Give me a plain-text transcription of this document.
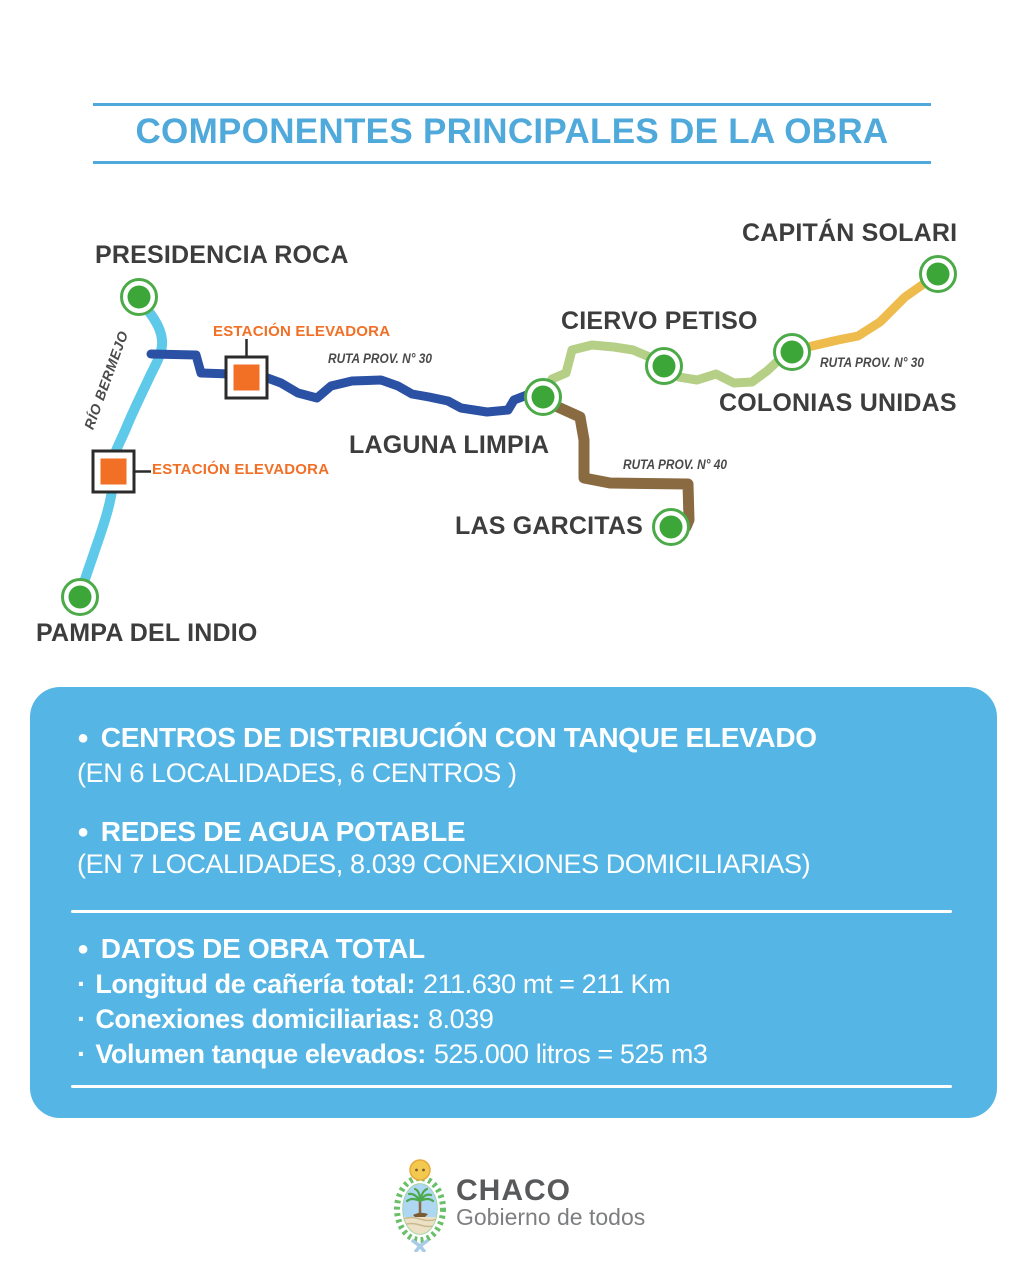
COMPONENTES PRINCIPALES DE LA OBRA
PRESIDENCIA ROCA
CAPITÁN SOLARI
CIERVO PETISO
COLONIAS UNIDAS
LAGUNA LIMPIA
LAS GARCITAS
PAMPA DEL INDIO
ESTACIÓN ELEVADORA
ESTACIÓN ELEVADORA
RUTA PROV. N° 30	RUTA PROV. N° 30
RUTA PROV. N° 40
RÍO BERMEJO
● CENTROS DE DISTRIBUCIÓN CON TANQUE ELEVADO
(EN 6 LOCALIDADES, 6 CENTROS )
● REDES DE AGUA POTABLE
(EN 7 LOCALIDADES, 8.039 CONEXIONES DOMICILIARIAS)
● DATOS DE OBRA TOTAL
· Longitud de cañería total: 211.630 mt = 211 Km
· Conexiones domiciliarias: 8.039
· Volumen tanque elevados: 525.000 litros = 525 m3
CHACO
Gobierno de todos
